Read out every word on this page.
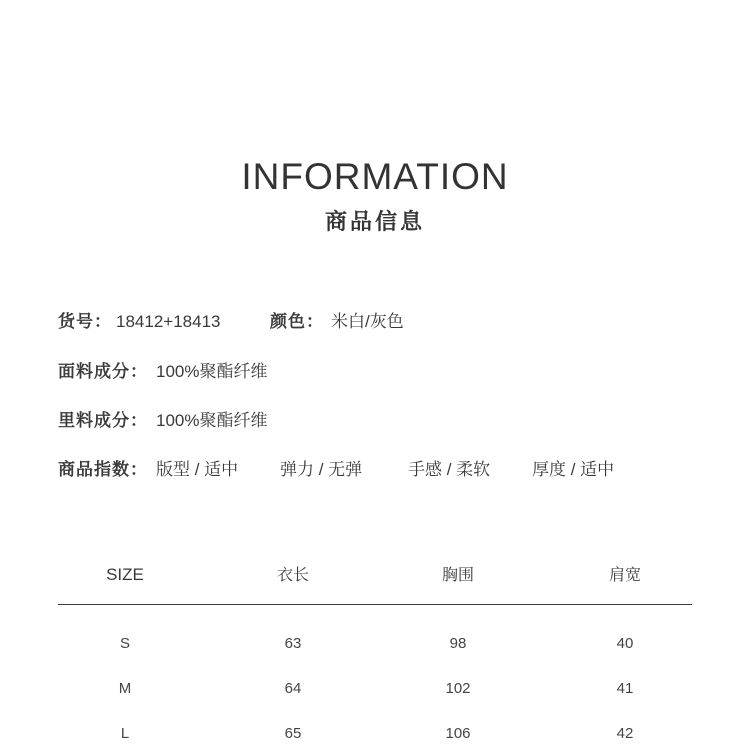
INFORMATION
商品信息
货号： 18412+18413	颜色： 米白/灰色
面料成分： 100%聚酯纤维
里料成分： 100%聚酯纤维
商品指数： 版型 / 适中 弹力 / 无弹	手感 / 柔软 厚度 / 适中
SIZE	衣长	胸围	肩宽
S	63	98	40
M	64	102	41
L	65	106	42
